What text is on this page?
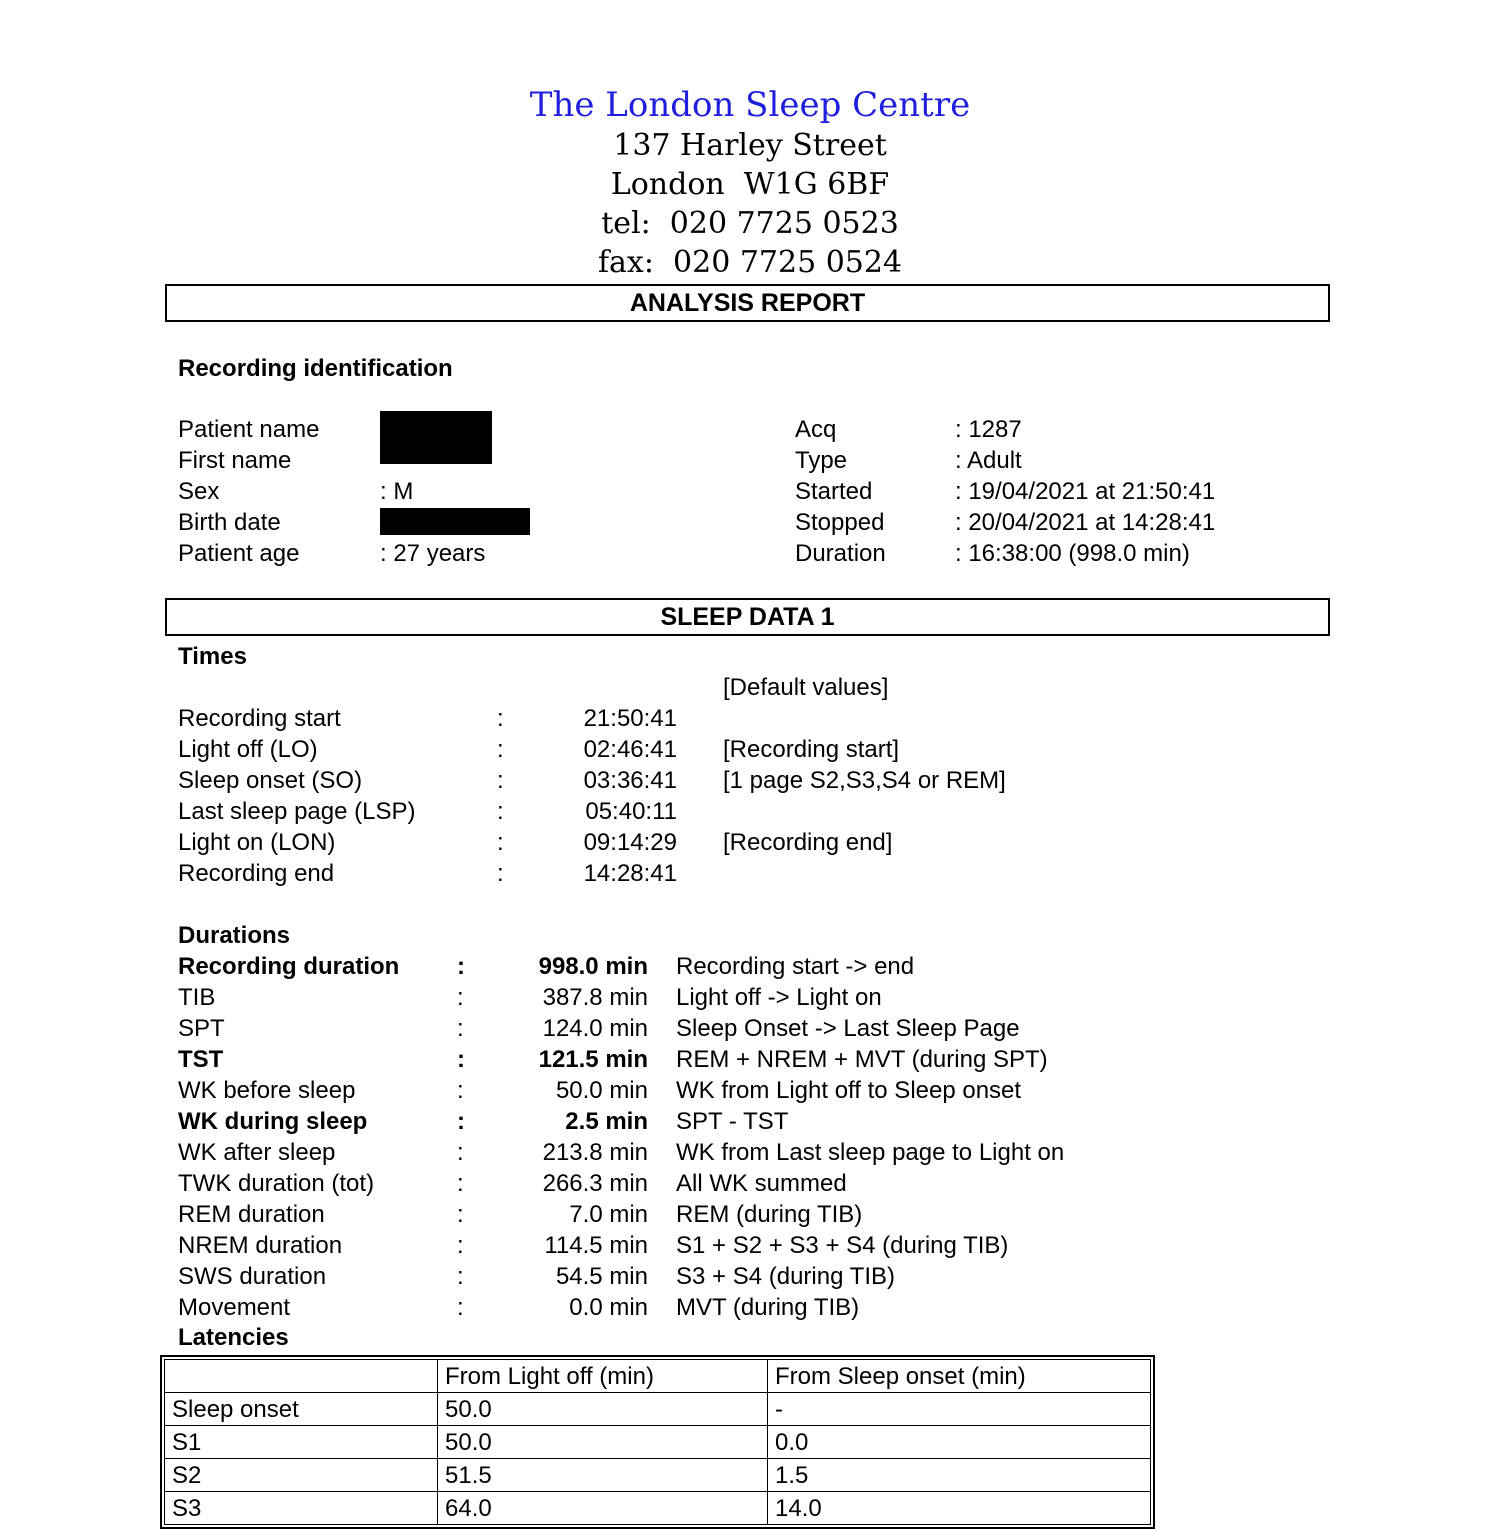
The London Sleep Centre
137 Harley Street
London  W1G 6BF
tel:  020 7725 0523
fax:  020 7725 0524
ANALYSIS REPORT
Recording identification
Patient name
First name
Sex	: M
Birth date
Patient age	: 27 years
Acq	: 1287
Type	: Adult
Started	: 19/04/2021 at 21:50:41
Stopped	: 20/04/2021 at 14:28:41
Duration	: 16:38:00 (998.0 min)
SLEEP DATA 1
Times
[Default values]
Recording start	:	21:50:41
Light off (LO)	:	02:46:41 [Recording start]
Sleep onset (SO)	:	03:36:41 [1 page S2,S3,S4 or REM]
Last sleep page (LSP)	:	05:40:11
Light on (LON)	:	09:14:29 [Recording end]
Recording end	:	14:28:41
Durations
Recording duration	:	998.0 min Recording start -> end
TIB	:	387.8 min Light off -> Light on
SPT	:	124.0 min Sleep Onset -> Last Sleep Page
TST	:	121.5 min REM + NREM + MVT (during SPT)
WK before sleep	:	50.0 min WK from Light off to Sleep onset
WK during sleep	:	2.5 min SPT - TST
WK after sleep	:	213.8 min WK from Last sleep page to Light on
TWK duration (tot)	:	266.3 min All WK summed
REM duration	:	7.0 min REM (during TIB)
NREM duration	:	114.5 min S1 + S2 + S3 + S4 (during TIB)
SWS duration	:	54.5 min S3 + S4 (during TIB)
Movement	:	0.0 min MVT (during TIB)
Latencies
	From Light off (min)	From Sleep onset (min)
Sleep onset	50.0	-
S1	50.0	0.0
S2	51.5	1.5
S3	64.0	14.0
